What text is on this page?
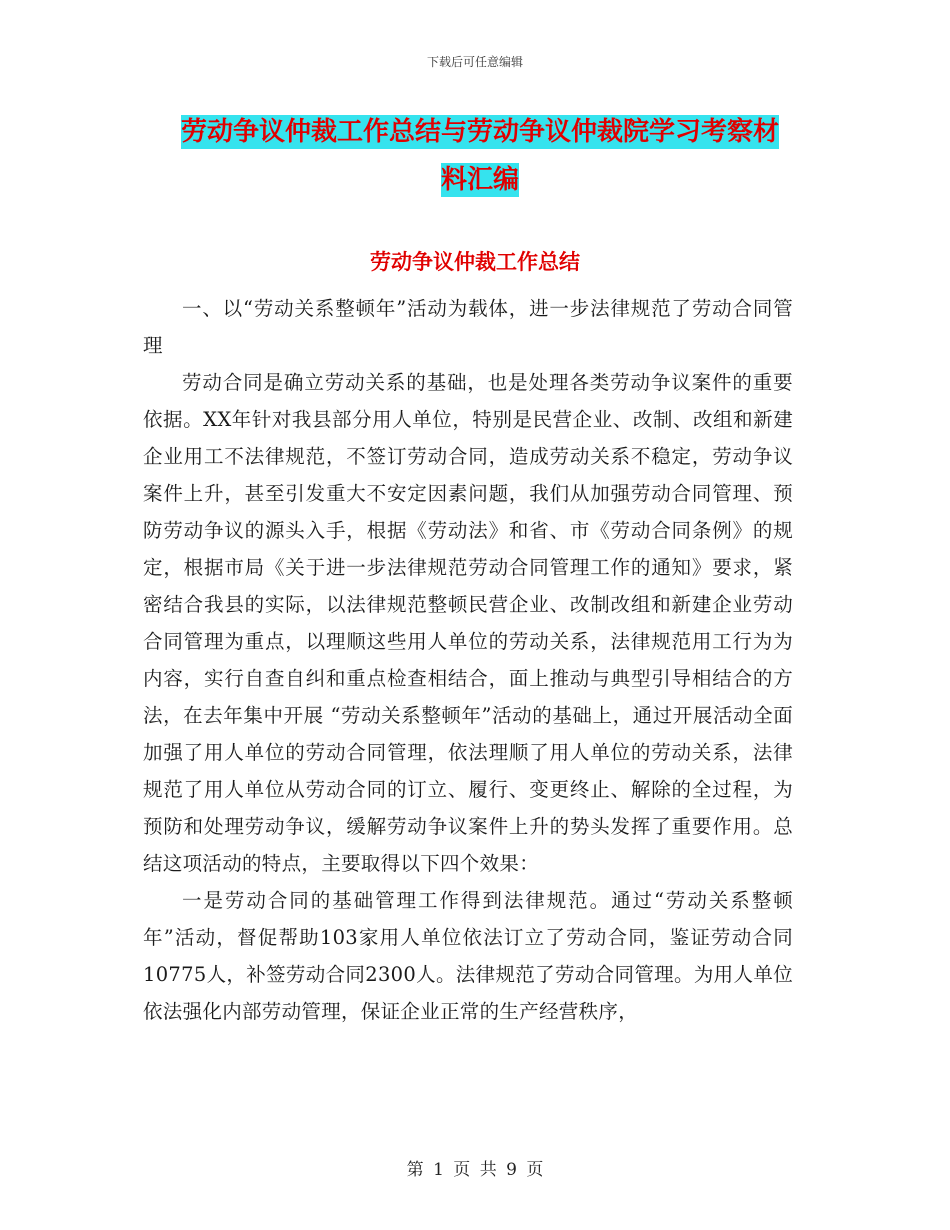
下载后可任意编辑
劳动争议仲裁工作总结与劳动争议仲裁院学习考察材
料汇编
劳动争议仲裁工作总结

一、以“劳动关系整顿年”活动为载体，进一步法律规范了劳动合同管理

劳动合同是确立劳动关系的基础，也是处理各类劳动争议案件的重要依据。XX年针对我县部分用人单位，特别是民营企业、改制、改组和新建企业用工不法律规范，不签订劳动合同，造成劳动关系不稳定，劳动争议案件上升，甚至引发重大不安定因素问题，我们从加强劳动合同管理、预防劳动争议的源头入手，根据《劳动法》和省、市《劳动合同条例》的规定，根据市局《关于进一步法律规范劳动合同管理工作的通知》要求，紧密结合我县的实际，以法律规范整顿民营企业、改制改组和新建企业劳动合同管理为重点，以理顺这些用人单位的劳动关系，法律规范用工行为为内容，实行自查自纠和重点检查相结合，面上推动与典型引导相结合的方法，在去年集中开展 “劳动关系整顿年”活动的基础上，通过开展活动全面加强了用人单位的劳动合同管理，依法理顺了用人单位的劳动关系，法律规范了用人单位从劳动合同的订立、履行、变更终止、解除的全过程，为预防和处理劳动争议，缓解劳动争议案件上升的势头发挥了重要作用。总结这项活动的特点，主要取得以下四个效果：

一是劳动合同的基础管理工作得到法律规范。通过“劳动关系整顿年”活动，督促帮助103家用人单位依法订立了劳动合同，鉴证劳动合同10775人，补签劳动合同2300人。法律规范了劳动合同管理。为用人单位依法强化内部劳动管理，保证企业正常的生产经营秩序，

第 1 页 共 9 页
